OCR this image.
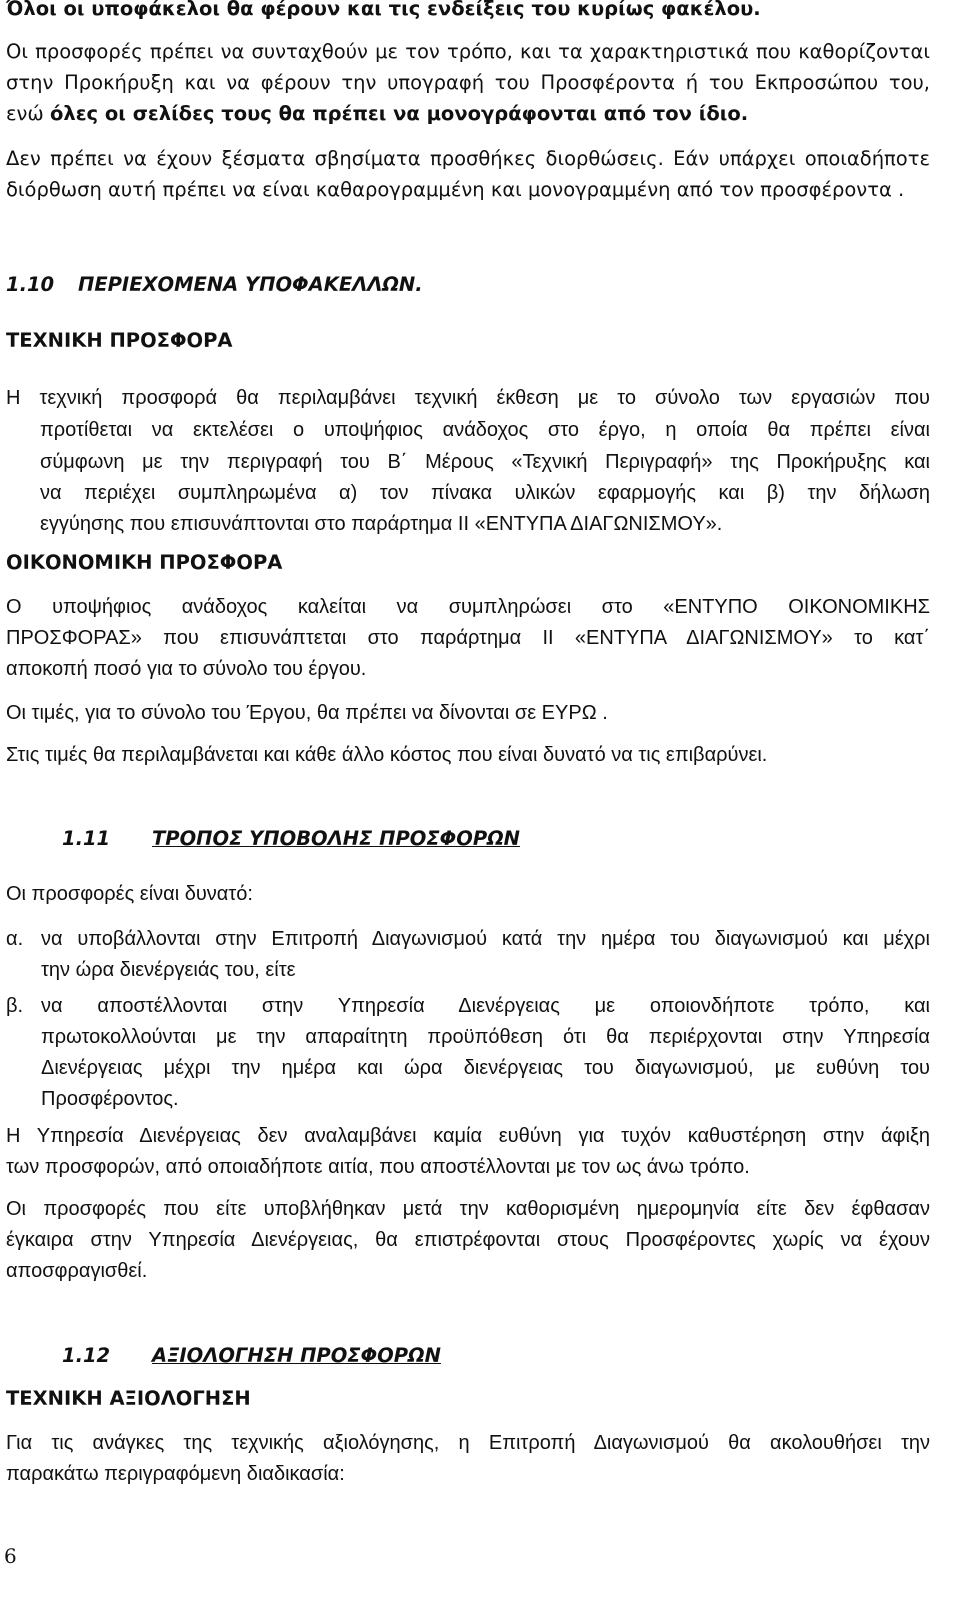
Όλοι οι υποφάκελοι θα φέρουν και τις ενδείξεις του κυρίως φακέλου.
Οι προσφορές πρέπει να συνταχθούν με τον τρόπο, και τα χαρακτηριστικά που καθορίζονται
στην Προκήρυξη και να φέρουν την υπογραφή του Προσφέροντα ή του Εκπροσώπου του,
ενώ όλες οι σελίδες τους θα πρέπει να μονογράφονται από τον ίδιο.
Δεν πρέπει να έχουν ξέσματα σβησίματα προσθήκες διορθώσεις. Εάν υπάρχει οποιαδήποτε
διόρθωση αυτή πρέπει να είναι καθαρογραμμένη και μονογραμμένη από τον προσφέροντα .
1.10 ΠΕΡΙΕΧΟΜΕΝΑ ΥΠΟΦΑΚΕΛΛΩΝ.
ΤΕΧΝΙΚΗ ΠΡΟΣΦΟΡΑ
Η τεχνική προσφορά θα περιλαμβάνει τεχνική έκθεση με το σύνολο των εργασιών που
προτίθεται να εκτελέσει ο υποψήφιος ανάδοχος στο έργο, η οποία θα πρέπει είναι
σύμφωνη με την περιγραφή του Β΄ Μέρους «Τεχνική Περιγραφή» της Προκήρυξης και
να περιέχει συμπληρωμένα α) τον πίνακα υλικών εφαρμογής και β) την δήλωση
εγγύησης που επισυνάπτονται στο παράρτημα ΙΙ «ΕΝΤΥΠΑ ΔΙΑΓΩΝΙΣΜΟΥ».
ΟΙΚΟΝΟΜΙΚΗ ΠΡΟΣΦΟΡΑ
Ο υποψήφιος ανάδοχος καλείται να συμπληρώσει στο «ΕΝΤΥΠΟ ΟΙΚΟΝΟΜΙΚΗΣ
ΠΡΟΣΦΟΡΑΣ» που επισυνάπτεται στο παράρτημα ΙΙ «ΕΝΤΥΠΑ ΔΙΑΓΩΝΙΣΜΟΥ» το κατ΄
αποκοπή ποσό για το σύνολο του έργου.
Οι τιμές, για το σύνολο του Έργου, θα πρέπει να δίνονται σε ΕΥΡΩ .
Στις τιμές θα περιλαμβάνεται και κάθε άλλο κόστος που είναι δυνατό να τις επιβαρύνει.
1.11 ΤΡΟΠΟΣ ΥΠΟΒΟΛΗΣ ΠΡΟΣΦΟΡΩΝ
Οι προσφορές είναι δυνατό:
α. να υποβάλλονται στην Επιτροπή Διαγωνισμού κατά την ημέρα του διαγωνισμού και μέχρι
την ώρα διενέργειάς του, είτε
β. να αποστέλλονται στην Υπηρεσία Διενέργειας με οποιονδήποτε τρόπο, και
πρωτοκολλούνται με την απαραίτητη προϋπόθεση ότι θα περιέρχονται στην Υπηρεσία
Διενέργειας μέχρι την ημέρα και ώρα διενέργειας του διαγωνισμού, με ευθύνη του
Προσφέροντος.
Η Υπηρεσία Διενέργειας δεν αναλαμβάνει καμία ευθύνη για τυχόν καθυστέρηση στην άφιξη
των προσφορών, από οποιαδήποτε αιτία, που αποστέλλονται με τον ως άνω τρόπο.
Οι προσφορές που είτε υποβλήθηκαν μετά την καθορισμένη ημερομηνία είτε δεν έφθασαν
έγκαιρα στην Υπηρεσία Διενέργειας, θα επιστρέφονται στους Προσφέροντες χωρίς να έχουν
αποσφραγισθεί.
1.12 ΑΞΙΟΛΟΓΗΣΗ ΠΡΟΣΦΟΡΩΝ
ΤΕΧΝΙΚΗ ΑΞΙΟΛΟΓΗΣΗ
Για τις ανάγκες της τεχνικής αξιολόγησης, η Επιτροπή Διαγωνισμού θα ακολουθήσει την
παρακάτω περιγραφόμενη διαδικασία:
6
